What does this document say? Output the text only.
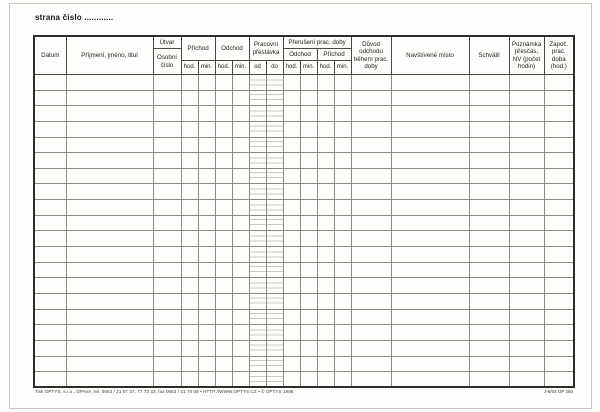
strana číslo ............
Datum	Příjmení, jméno, titul	Útvar	Příchod		Odchod		Pracovní přestávka		Přerušení prac. doby				Důvod odchodu během prac. doby	Navštívené místo	Schválil	Poznámka přesčas, NV (počet hodin)	Započ. prac. doba (hod.)
		Osobní číslo							Odchod		Příchod						
			hod.	min.	hod.	min.	od	do	hod.	min.	hod.	min.					

Tisk OPTYS, s.r.o., OPAVA, tel. 0653 / 21 57 37, 77 73 33, fax 0653 / 21 70 06 • HTTP://WWW.OPTYS.CZ • © OPTYS 1998	J-6/04 OP 260
